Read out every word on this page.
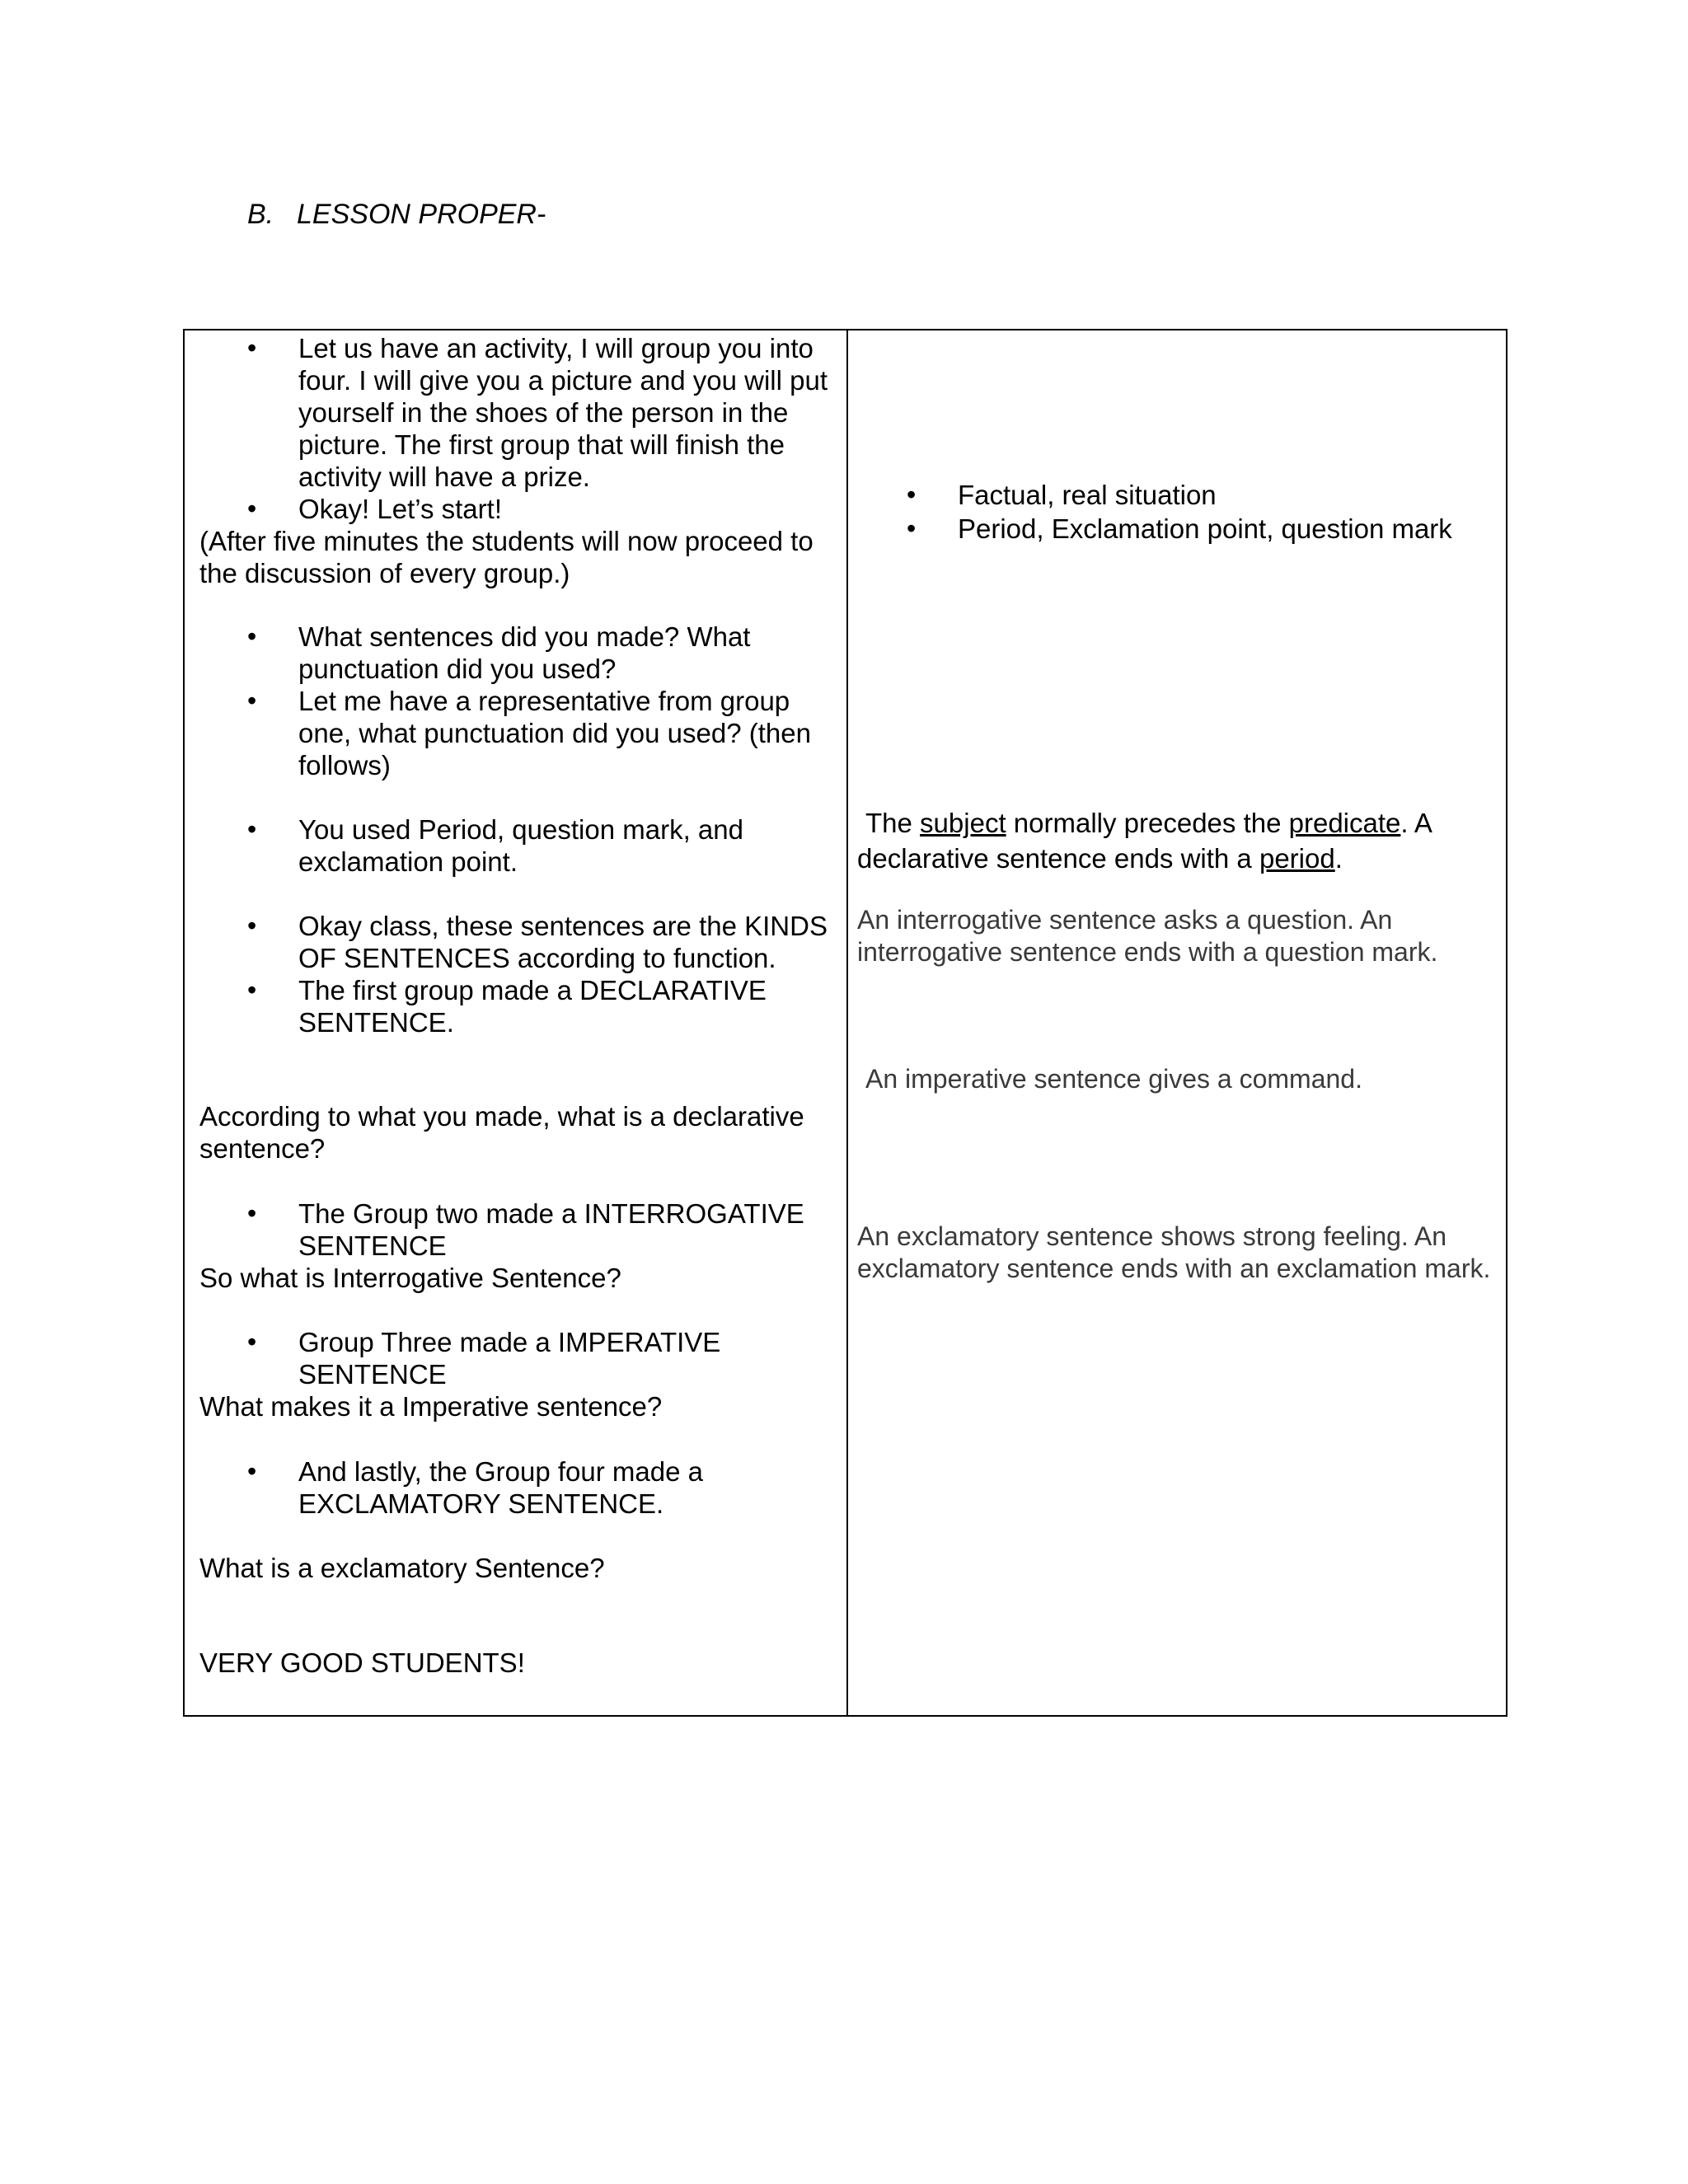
B. LESSON PROPER-
• Let us have an activity, I will group you into four. I will give you a picture and you will put yourself in the shoes of the person in the picture. The first group that will finish the activity will have a prize.
• Okay! Let’s start!

(After five minutes the students will now proceed to the discussion of every group.)

• What sentences did you made? What punctuation did you used?
• Let me have a representative from group one, what punctuation did you used? (then follows)
• You used Period, question mark, and exclamation point.
• Okay class, these sentences are the KINDS OF SENTENCES according to function.
• The first group made a DECLARATIVE SENTENCE.

According to what you made, what is a declarative sentence?

• The Group two made a INTERROGATIVE SENTENCE

So what is Interrogative Sentence?

• Group Three made a IMPERATIVE SENTENCE

What makes it a Imperative sentence?

• And lastly, the Group four made a EXCLAMATORY SENTENCE.

What is a exclamatory Sentence?

VERY GOOD STUDENTS!

• Factual, real situation
• Period, Exclamation point, question mark

The subject normally precedes the predicate. A declarative sentence ends with a period.

An interrogative sentence asks a question. An interrogative sentence ends with a question mark.

An imperative sentence gives a command.

An exclamatory sentence shows strong feeling. An exclamatory sentence ends with an exclamation mark.
